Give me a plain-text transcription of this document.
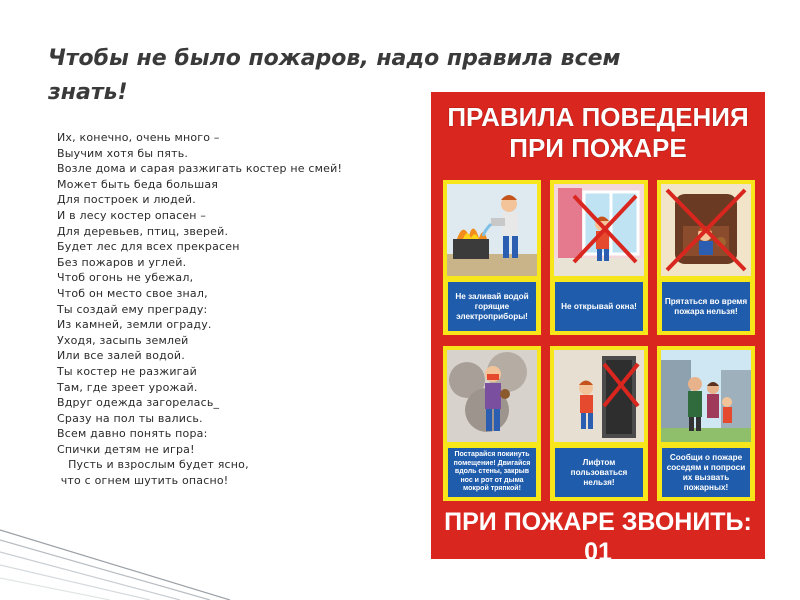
Чтобы не было пожаров, надо правила всем знать!
Их, конечно, очень много –
Выучим хотя бы пять.
Возле дома и сарая разжигать костер не смей!
Может быть беда большая
Для построек и людей.
И в лесу костер опасен –
Для деревьев, птиц, зверей.
Будет лес для всех прекрасен
Без пожаров и углей.
Чтоб огонь не убежал,
Чтоб он место свое знал,
Ты создай ему преграду:
Из камней, земли ограду.
Уходя, засыпь землей
Или все залей водой.
Ты костер не разжигай
Там, где зреет урожай.
Вдруг одежда загорелась_
Сразу на пол ты вались.
Всем давно понять пора:
Спички детям не игра!
Пусть и взрослым будет ясно,
что с огнем шутить опасно!
ПРАВИЛА ПОВЕДЕНИЯ
ПРИ ПОЖАРЕ
Не заливай водой горящие электроприборы!
Не открывай окна!
Прятаться во время пожара нельзя!
Постарайся покинуть помещение! Двигайся вдоль стены, закрыв нос и рот от дыма мокрой тряпкой!
Лифтом пользоваться нельзя!
Сообщи о пожаре соседям и попроси их вызвать пожарных!
ПРИ ПОЖАРЕ ЗВОНИТЬ: 01
